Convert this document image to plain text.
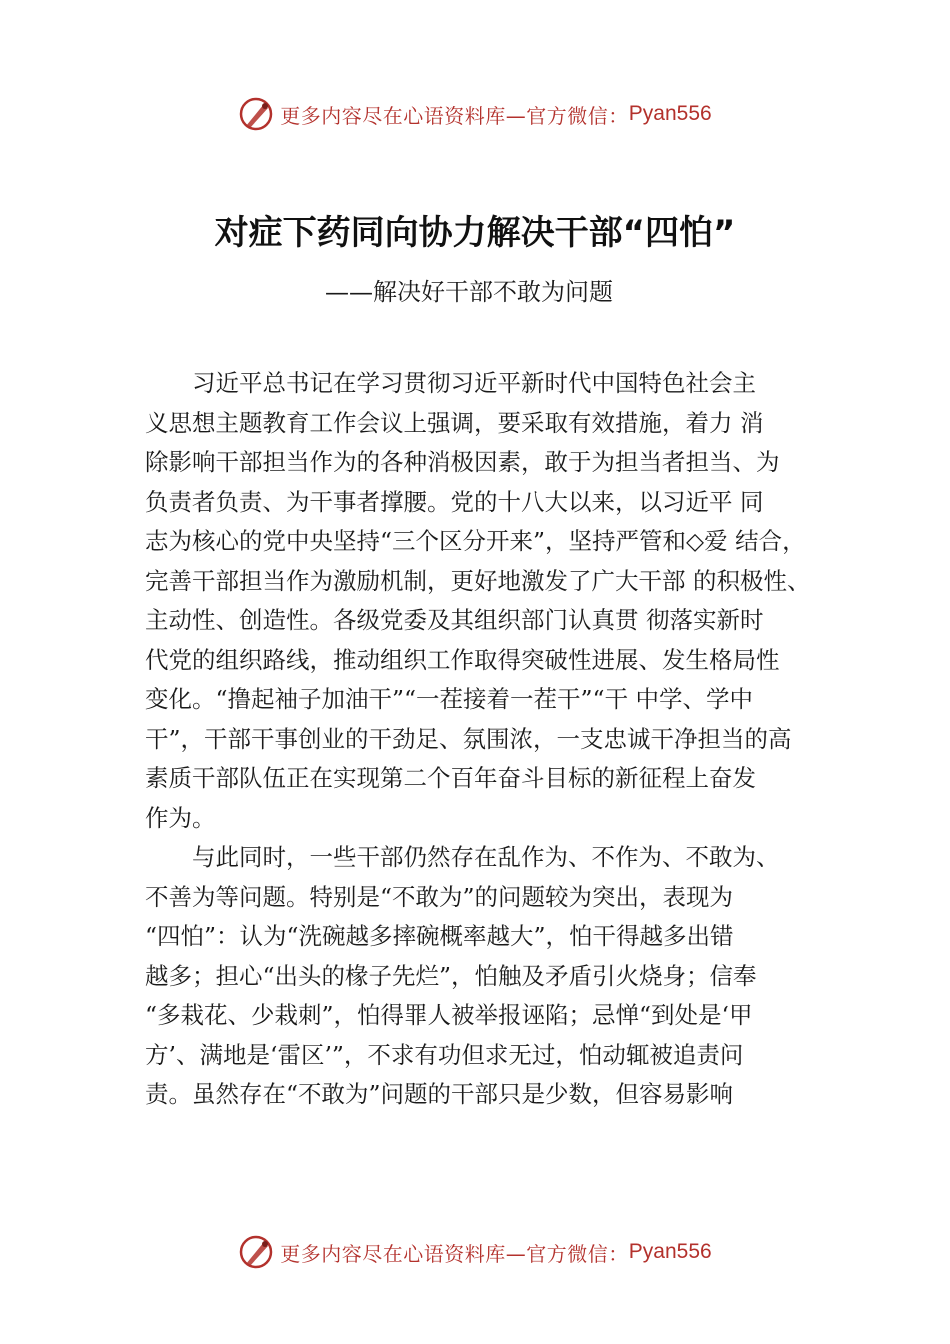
更多内容尽在心语资料库—官方微信： Pyan556
对症下药同向协力解决干部“四怕”
——解决好干部不敢为问题
　　习近平总书记在学习贯彻习近平新时代中国特色社会主
义思想主题教育工作会议上强调，要采取有效措施，着力 消
除影响干部担当作为的各种消极因素，敢于为担当者担当、为
负责者负责、为干事者撑腰。党的十八大以来，以习近平 同
志为核心的党中央坚持“三个区分开来”，坚持严管和◇爱 结合，
完善干部担当作为激励机制，更好地激发了广大干部 的积极性、
主动性、创造性。各级党委及其组织部门认真贯 彻落实新时
代党的组织路线，推动组织工作取得突破性进展、发生格局性
变化。“撸起袖子加油干”“一茬接着一茬干”“干 中学、学中
干”，干部干事创业的干劲足、氛围浓，一支忠诚干净担当的高
素质干部队伍正在实现第二个百年奋斗目标的新征程上奋发
作为。
　　与此同时，一些干部仍然存在乱作为、不作为、不敢为、
不善为等问题。特别是“不敢为”的问题较为突出，表现为
“四怕”：认为“洗碗越多摔碗概率越大”，怕干得越多出错
越多；担心“出头的椽子先烂”，怕触及矛盾引火烧身；信奉
“多栽花、少栽刺”，怕得罪人被举报诬陷；忌惮“到处是‘甲
方’、满地是‘雷区’”，不求有功但求无过，怕动辄被追责问
责。虽然存在“不敢为”问题的干部只是少数，但容易影响
更多内容尽在心语资料库—官方微信： Pyan556
